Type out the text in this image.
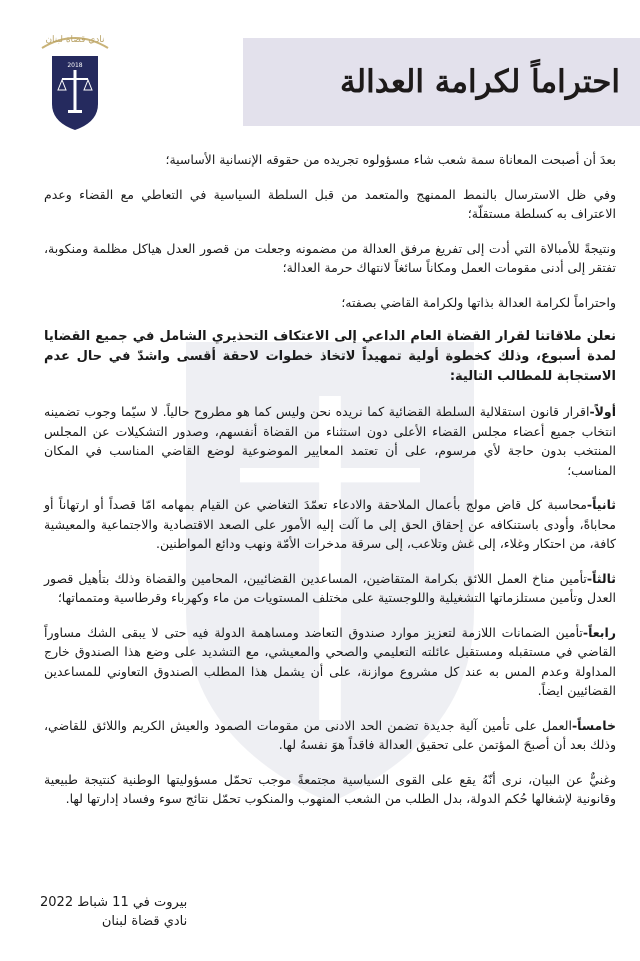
نادي قضاة لبنان
2018	احتراماً لكرامة العدالة

بعدَ أن أصبحت المعاناة سمة شعب شاء مسؤولوه تجريده من حقوقه الإنسانية الأساسية؛

وفي ظل الاسترسال بالنمط الممنهج والمتعمد من قبل السلطة السياسية في التعاطي مع القضاء وعدم الاعتراف به كسلطة مستقلّة؛

ونتيجةً للأمبالاة التي أدت إلى تفريغ مرفق العدالة من مضمونه وجعلت من قصور العدل هياكل مظلمة ومنكوبة، تفتقر إلى أدنى مقومات العمل ومكاناً سائغاً لانتهاك حرمة العدالة؛

واحتراماً لكرامة العدالة بذاتها ولكرامة القاضي بصفته؛

نعلن ملاقاتنا لقرار القضاة العام الداعي إلى الاعتكاف التحذيري الشامل في جميع القضايا لمدة أسبوع، وذلك كخطوة أولية تمهيداً لاتخاذ خطوات لاحقة أقسى واشدّ في حال عدم الاستجابة للمطالب التالية:

أولاً-اقرار قانون استقلالية السلطة القضائية كما نريده نحن وليس كما هو مطروح حالياً. لا سيّما وجوب تضمينه انتخاب جميع أعضاء مجلس القضاء الأعلى دون استثناء من القضاة أنفسهم، وصدور التشكيلات عن المجلس المنتخب بدون حاجة لأي مرسوم، على أن تعتمد المعايير الموضوعية لوضع القاضي المناسب في المكان المناسب؛

ثانياً-محاسبة كل قاض مولج بأعمال الملاحقة والادعاء تعمّدَ التغاضي عن القيام بمهامه امّا قصداً أو ارتهاناً أو محاباةً، وأودى باستنكافه عن إحقاق الحق إلى ما آلت إليه الأمور على الصعد الاقتصادية والاجتماعية والمعيشية كافة، من احتكار وغلاء، إلى غش وتلاعب، إلى سرقة مدخرات الأمّة ونهب ودائع المواطنين.

ثالثاً-تأمين مناخ العمل اللائق بكرامة المتقاضين، المساعدين القضائيين، المحامين والقضاة وذلك بتأهيل قصور العدل وتأمين مستلزماتها التشغيلية واللوجستية على مختلف المستويات من ماء وكهرباء وقرطاسية ومتمماتها؛

رابعاً-تأمين الضمانات اللازمة لتعزيز موارد صندوق التعاضد ومساهمة الدولة فيه حتى لا يبقى الشك مساوراً القاضي في مستقبله ومستقبل عائلته التعليمي والصحي والمعيشي، مع التشديد على وضع هذا الصندوق خارج المداولة وعدم المس به عند كل مشروع موازنة، على أن يشمل هذا المطلب الصندوق التعاوني للمساعدين القضائيين ايضاً.

خامساً-العمل على تأمين آلية جديدة تضمن الحد الادنى من مقومات الصمود والعيش الكريم واللائق للقاضي، وذلك بعد أن أصبحَ المؤتمن على تحقيق العدالة فاقداً هوَ نفسهُ لها.

وغنيٌّ عن البيان، نرى أنّهُ يقع على القوى السياسية مجتمعةً موجب تحمّل مسؤوليتها الوطنية كنتيجة طبيعية وقانونية لإشغالها حُكم الدولة، بدل الطلب من الشعب المنهوب والمنكوب تحمّل نتائج سوء وفساد إدارتها لها.

بيروت في 11 شباط 2022
نادي قضاة لبنان
